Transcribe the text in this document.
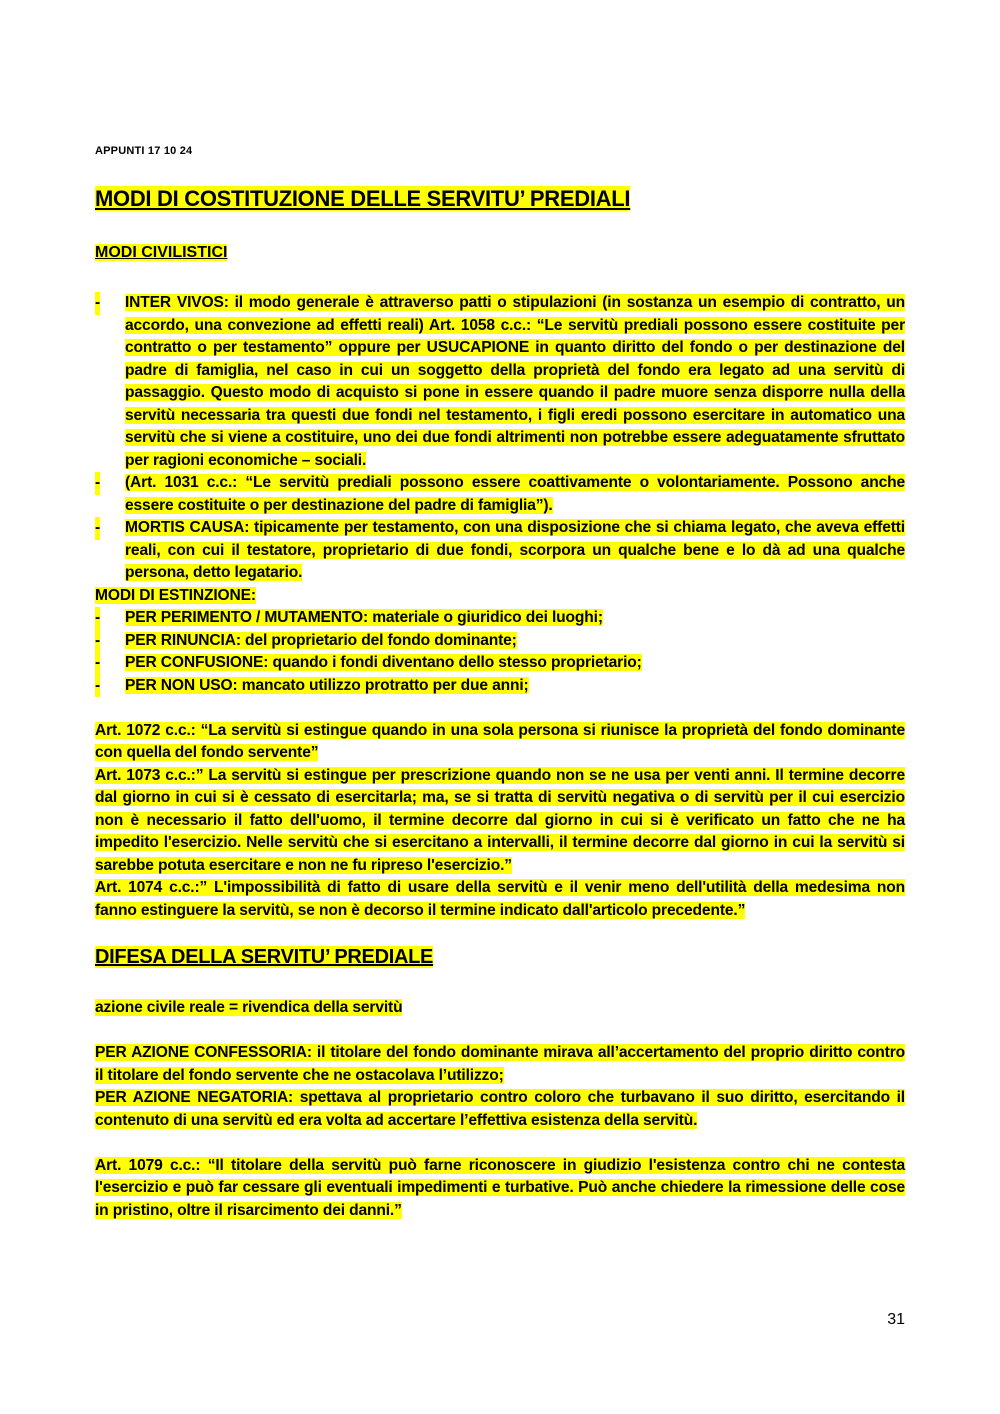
APPUNTI 17 10 24
MODI DI COSTITUZIONE DELLE SERVITU’ PREDIALI
MODI CIVILISTICI
- INTER VIVOS: il modo generale è attraverso patti o stipulazioni (in sostanza un esempio di contratto, un accordo, una convezione ad effetti reali) Art. 1058 c.c.: “Le servitù prediali possono essere costituite per contratto o per testamento” oppure per USUCAPIONE in quanto diritto del fondo o per destinazione del padre di famiglia, nel caso in cui un soggetto della proprietà del fondo era legato ad una servitù di passaggio. Questo modo di acquisto si pone in essere quando il padre muore senza disporre nulla della servitù necessaria tra questi due fondi nel testamento, i figli eredi possono esercitare in automatico una servitù che si viene a costituire, uno dei due fondi altrimenti non potrebbe essere adeguatamente sfruttato per ragioni economiche – sociali.
- (Art. 1031 c.c.: “Le servitù prediali possono essere coattivamente o volontariamente. Possono anche essere costituite o per destinazione del padre di famiglia”).
- MORTIS CAUSA: tipicamente per testamento, con una disposizione che si chiama legato, che aveva effetti reali, con cui il testatore, proprietario di due fondi, scorpora un qualche bene e lo dà ad una qualche persona, detto legatario.
MODI DI ESTINZIONE:
- PER PERIMENTO / MUTAMENTO: materiale o giuridico dei luoghi;
- PER RINUNCIA: del proprietario del fondo dominante;
- PER CONFUSIONE: quando i fondi diventano dello stesso proprietario;
- PER NON USO: mancato utilizzo protratto per due anni;
Art. 1072 c.c.: “La servitù si estingue quando in una sola persona si riunisce la proprietà del fondo dominante con quella del fondo servente”
Art. 1073 c.c.:” La servitù si estingue per prescrizione quando non se ne usa per venti anni. Il termine decorre dal giorno in cui si è cessato di esercitarla; ma, se si tratta di servitù negativa o di servitù per il cui esercizio non è necessario il fatto dell'uomo, il termine decorre dal giorno in cui si è verificato un fatto che ne ha impedito l'esercizio. Nelle servitù che si esercitano a intervalli, il termine decorre dal giorno in cui la servitù si sarebbe potuta esercitare e non ne fu ripreso l'esercizio.”
Art. 1074 c.c.:” L'impossibilità di fatto di usare della servitù e il venir meno dell'utilità della medesima non fanno estinguere la servitù, se non è decorso il termine indicato dall'articolo precedente.”
DIFESA DELLA SERVITU’ PREDIALE
azione civile reale = rivendica della servitù
PER AZIONE CONFESSORIA: il titolare del fondo dominante mirava all’accertamento del proprio diritto contro il titolare del fondo servente che ne ostacolava l’utilizzo;
PER AZIONE NEGATORIA: spettava al proprietario contro coloro che turbavano il suo diritto, esercitando il contenuto di una servitù ed era volta ad accertare l’effettiva esistenza della servitù.
Art. 1079 c.c.: “Il titolare della servitù può farne riconoscere in giudizio l'esistenza contro chi ne contesta l'esercizio e può far cessare gli eventuali impedimenti e turbative. Può anche chiedere la rimessione delle cose in pristino, oltre il risarcimento dei danni.”
31
